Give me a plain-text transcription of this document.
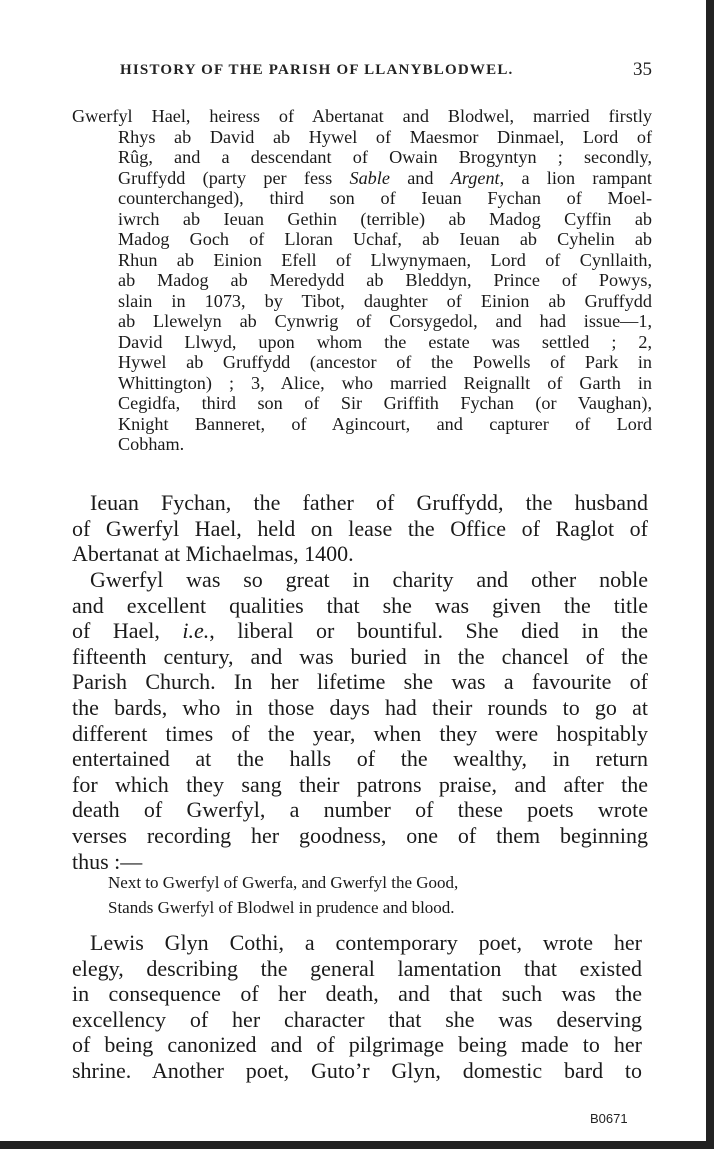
HISTORY OF THE PARISH OF LLANYBLODWEL.	35
Gwerfyl Hael, heiress of Abertanat and Blodwel, married firstly
Rhys ab David ab Hywel of Maesmor Dinmael, Lord of
Rûg, and a descendant of Owain Brogyntyn ; secondly,
Gruffydd (party per fess Sable and Argent, a lion rampant
counterchanged), third son of Ieuan Fychan of Moel-
iwrch ab Ieuan Gethin (terrible) ab Madog Cyffin ab
Madog Goch of Lloran Uchaf, ab Ieuan ab Cyhelin ab
Rhun ab Einion Efell of Llwynymaen, Lord of Cynllaith,
ab Madog ab Meredydd ab Bleddyn, Prince of Powys,
slain in 1073, by Tibot, daughter of Einion ab Gruffydd
ab Llewelyn ab Cynwrig of Corsygedol, and had issue—1,
David Llwyd, upon whom the estate was settled ; 2,
Hywel ab Gruffydd (ancestor of the Powells of Park in
Whittington) ; 3, Alice, who married Reignallt of Garth in
Cegidfa, third son of Sir Griffith Fychan (or Vaughan),
Knight Banneret, of Agincourt, and capturer of Lord
Cobham.
Ieuan Fychan, the father of Gruffydd, the husband
of Gwerfyl Hael, held on lease the Office of Raglot of
Abertanat at Michaelmas, 1400.
Gwerfyl was so great in charity and other noble
and excellent qualities that she was given the title
of Hael, i.e., liberal or bountiful. She died in the
fifteenth century, and was buried in the chancel of the
Parish Church. In her lifetime she was a favourite of
the bards, who in those days had their rounds to go at
different times of the year, when they were hospitably
entertained at the halls of the wealthy, in return
for which they sang their patrons praise, and after the
death of Gwerfyl, a number of these poets wrote
verses recording her goodness, one of them beginning
thus :—
Next to Gwerfyl of Gwerfa, and Gwerfyl the Good,
Stands Gwerfyl of Blodwel in prudence and blood.
Lewis Glyn Cothi, a contemporary poet, wrote her
elegy, describing the general lamentation that existed
in consequence of her death, and that such was the
excellency of her character that she was deserving
of being canonized and of pilgrimage being made to her
shrine. Another poet, Guto’r Glyn, domestic bard to
B0671
